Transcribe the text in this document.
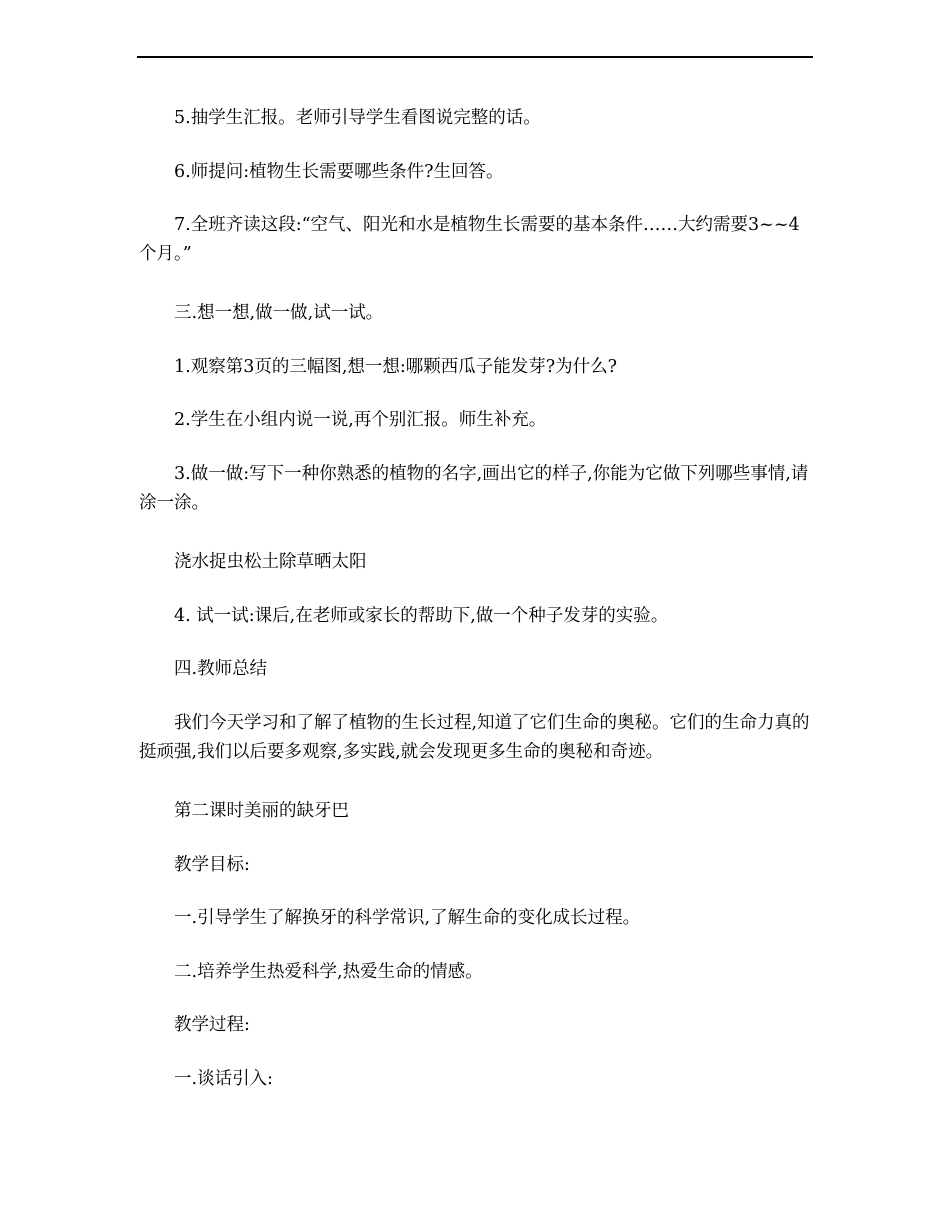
5.抽学生汇报。老师引导学生看图说完整的话。

6.师提问:植物生长需要哪些条件?生回答。

7.全班齐读这段:“空气、阳光和水是植物生长需要的基本条件……大约需要3~~4个月。”

三.想一想,做一做,试一试。

1.观察第3页的三幅图,想一想:哪颗西瓜子能发芽?为什么?

2.学生在小组内说一说,再个别汇报。师生补充。

3.做一做:写下一种你熟悉的植物的名字,画出它的样子,你能为它做下列哪些事情,请涂一涂。

浇水捉虫松土除草晒太阳

4. 试一试:课后,在老师或家长的帮助下,做一个种子发芽的实验。

四.教师总结

我们今天学习和了解了植物的生长过程,知道了它们生命的奥秘。它们的生命力真的挺顽强,我们以后要多观察,多实践,就会发现更多生命的奥秘和奇迹。

第二课时美丽的缺牙巴

教学目标:

一.引导学生了解换牙的科学常识,了解生命的变化成长过程。

二.培养学生热爱科学,热爱生命的情感。

教学过程:

一.谈话引入:
